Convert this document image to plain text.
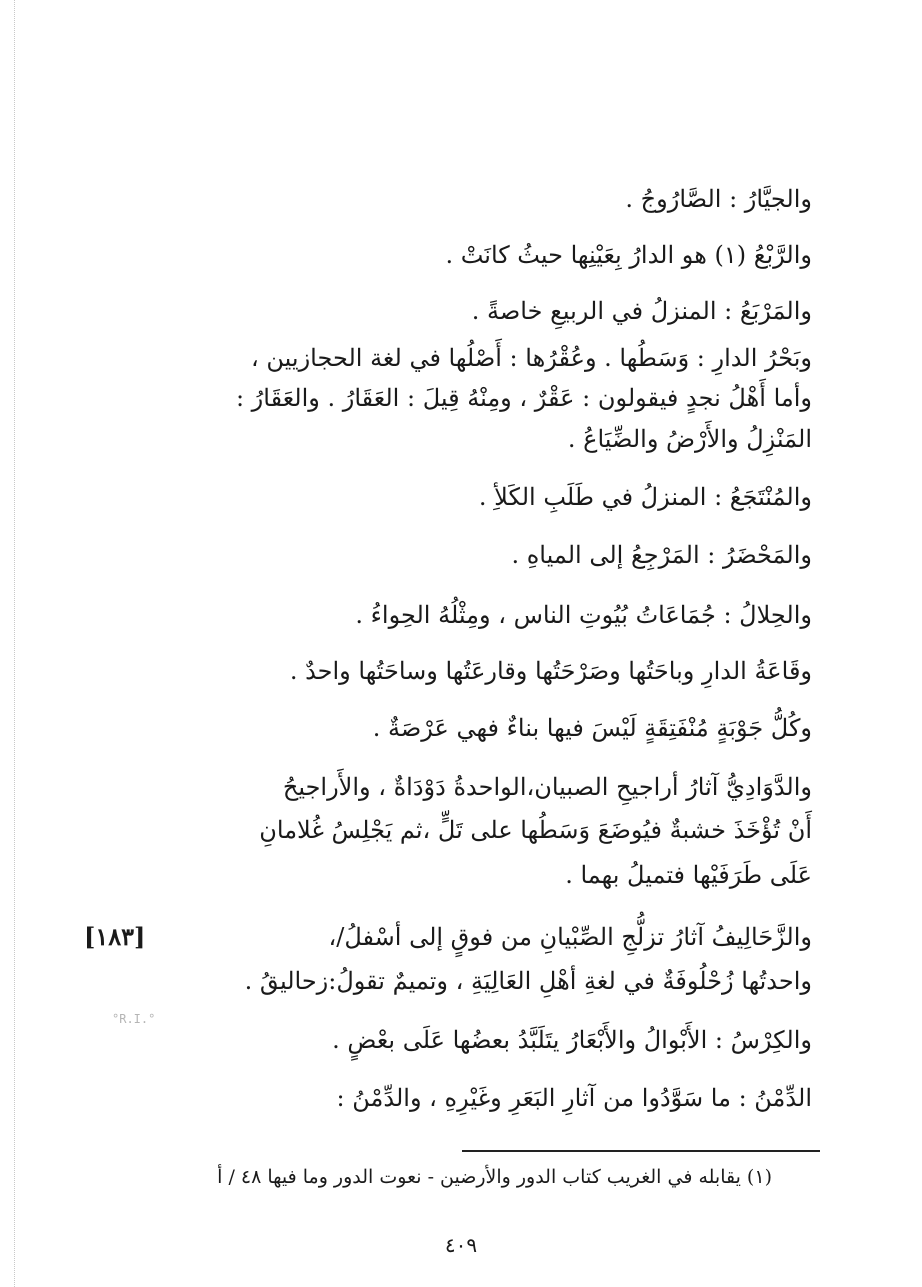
والجيَّارُ : الصَّارُوجُ .
والرَّبْعُ (١) هو الدارُ بِعَيْنِها حيثُ كانَتْ .
والمَرْبَعُ : المنزلُ في الربيعِ خاصةً .
وبَحْرُ الدارِ : وَسَطُها . وعُقْرُها : أَصْلُها في لغة الحجازيين ،
وأما أَهْلُ نجدٍ فيقولون : عَقْرٌ ، ومِنْهُ قِيلَ : العَقَارُ . والعَقَارُ :
المَنْزِلُ والأَرْضُ والضِّيَاعُ .
والمُنْتَجَعُ : المنزلُ في طَلَبِ الكَلأِ .
والمَحْضَرُ : المَرْجِعُ إلى المياهِ .
والحِلالُ : جُمَاعَاتُ بُيُوتِ الناس ، ومِثْلُهُ الحِواءُ .
وقَاعَةُ الدارِ وباحَتُها وصَرْحَتُها وقارعَتُها وساحَتُها واحدٌ .
وكُلُّ جَوْبَةٍ مُنْفَتِقَةٍ لَيْسَ فيها بناءٌ فهي عَرْصَةٌ .
والدَّوَادِيُّ آثارُ أراجيحِ الصبيان،الواحدةُ دَوْدَاةٌ ، والأَراجيحُ
أَنْ تُؤْخَذَ خشبةٌ فيُوضَعَ وَسَطُها على تَلٍّ ،ثم يَجْلِسُ غُلامانِ
عَلَى طَرَفَيْها فتميلُ بهما .
والزَّحَالِيفُ آثارُ تزلُّجِ الصِّبْيانِ من فوقٍ إلى أسْفلُ/،
واحدتُها زُحْلُوفَةٌ في لغةِ أهْلِ العَالِيَةِ ، وتميمٌ تقولُ:زحاليقُ .
والكِرْسُ : الأَبْوالُ والأَبْعَارُ يتَلَبَّدُ بعضُها عَلَى بعْضٍ .
الدِّمْنُ : ما سَوَّدُوا من آثارِ البَعَرِ وغَيْرِهِ ، والدِّمْنُ :
[١٨٣]
°R.I.°
(١) يقابله في الغريب كتاب الدور والأرضين - نعوت الدور وما فيها ٤٨ / أ
٤٠٩
